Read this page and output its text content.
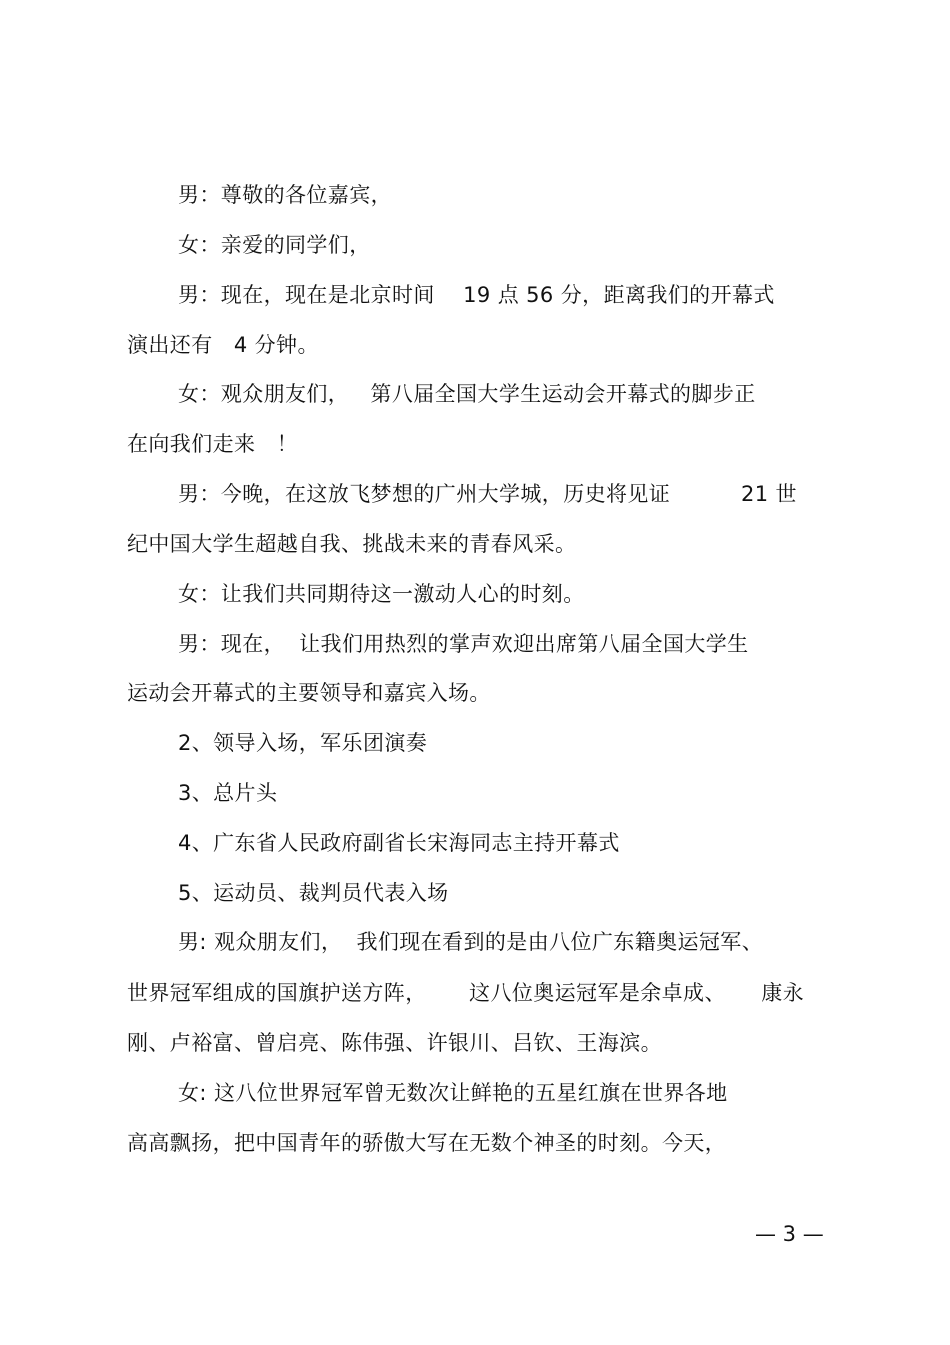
男：尊敬的各位嘉宾，
女：亲爱的同学们，
男：现在，现在是北京时间    19 点 56 分，距离我们的开幕式
演出还有   4 分钟。
女：观众朋友们，   第八届全国大学生运动会开幕式的脚步正
在向我们走来   ！
男：今晚，在这放飞梦想的广州大学城，历史将见证          21 世
纪中国大学生超越自我、挑战未来的青春风采。
女：让我们共同期待这一激动人心的时刻。
男：现在，  让我们用热烈的掌声欢迎出席第八届全国大学生
运动会开幕式的主要领导和嘉宾入场。
2、领导入场，军乐团演奏
3、总片头
4、广东省人民政府副省长宋海同志主持开幕式
5、运动员、裁判员代表入场
男: 观众朋友们，  我们现在看到的是由八位广东籍奥运冠军、
世界冠军组成的国旗护送方阵，      这八位奥运冠军是余卓成、     康永
刚、卢裕富、曾启亮、陈伟强、许银川、吕钦、王海滨。
女: 这八位世界冠军曾无数次让鲜艳的五星红旗在世界各地
高高飘扬，把中国青年的骄傲大写在无数个神圣的时刻。今天，
— 3 —
